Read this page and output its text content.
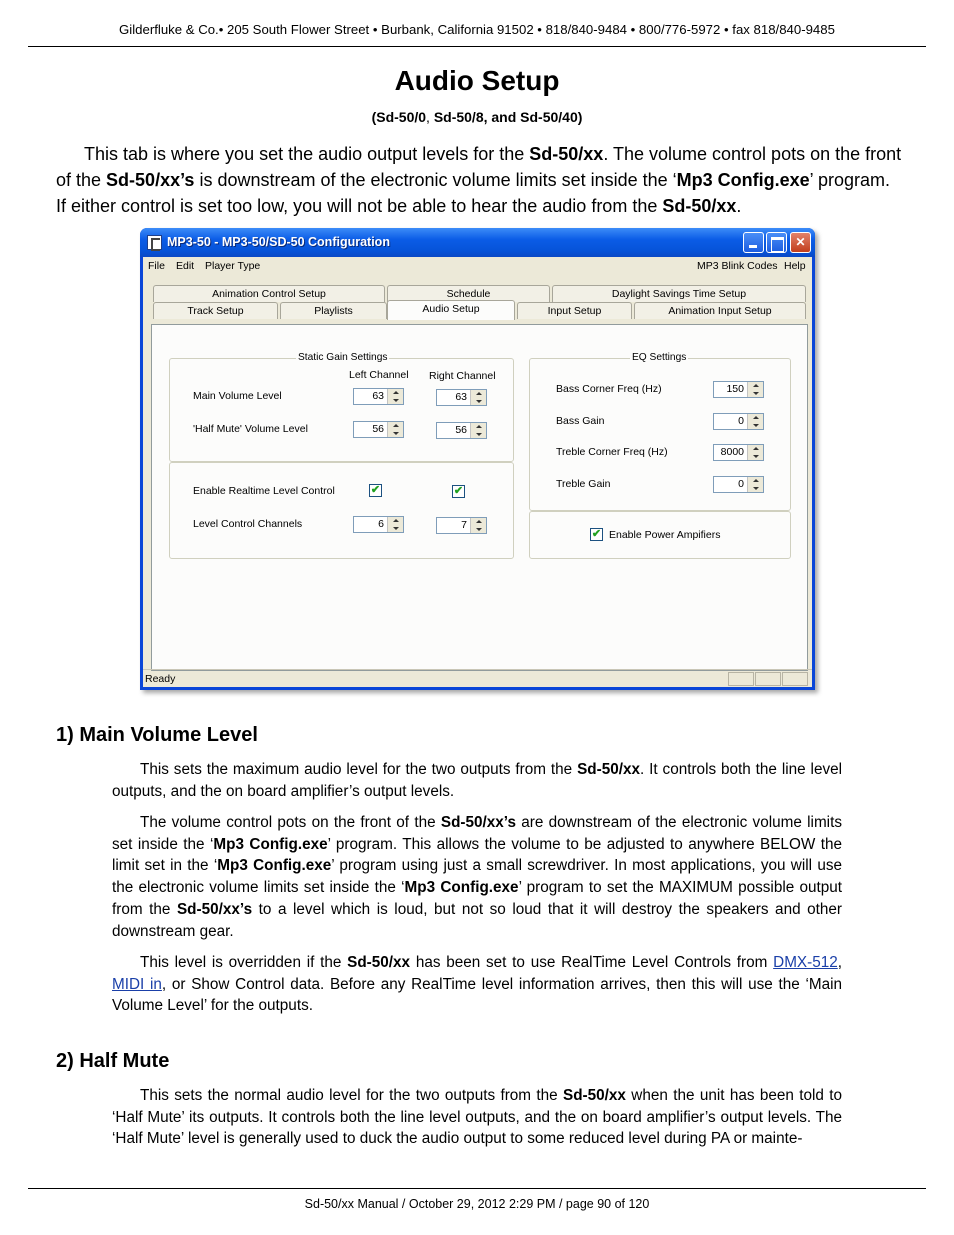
Gilderfluke & Co.• 205 South Flower Street • Burbank, California 91502 • 818/840-9484 • 800/776-5972 • fax 818/840-9485
Audio Setup
(Sd-50/0, Sd-50/8, and Sd-50/40)

This tab is where you set the audio output levels for the Sd-50/xx. The volume control pots on the front of the Sd-50/xx’s is downstream of the electronic volume limits set inside the ‘Mp3 Config.exe’ program. If either control is set too low, you will not be able to hear the audio from the Sd-50/xx.

MP3-50 - MP3-50/SD-50 Configuration	✕
File Edit Player Type	MP3 Blink Codes Help
Animation Control Setup	Schedule	Daylight Savings Time Setup
Track Setup	Playlists	Audio Setup	Input Setup	Animation Input Setup
Static Gain Settings
Left Channel Right Channel
Main Volume Level	63	63
'Half Mute' Volume Level	56	56
Enable Realtime Level Control	✔	✔
Level Control Channels	6	7
EQ Settings
Bass Corner Freq (Hz)	150
Bass Gain	0
Treble Corner Freq (Hz)	8000
Treble Gain	0
✔ Enable Power Ampifiers
Ready
1) Main Volume Level

This sets the maximum audio level for the two outputs from the Sd-50/xx. It controls both the line level outputs, and the on board amplifier’s output levels.

The volume control pots on the front of the Sd-50/xx’s are downstream of the electronic volume limits set inside the ‘Mp3 Config.exe’ program. This allows the volume to be adjusted to anywhere BELOW the limit set in the ‘Mp3 Config.exe’ program using just a small screwdriver. In most applications, you will use the electronic volume limits set inside the ‘Mp3 Config.exe’ program to set the MAXIMUM possible output from the Sd-50/xx’s to a level which is loud, but not so loud that it will destroy the speakers and other downstream gear.

This level is overridden if the Sd-50/xx has been set to use RealTime Level Controls from DMX-512, MIDI in, or Show Control data. Before any RealTime level information arrives, then this will use the ‘Main Volume Level’ for the outputs.

2) Half Mute

This sets the normal audio level for the two outputs from the Sd-50/xx when the unit has been told to ‘Half Mute’ its outputs. It controls both the line level outputs, and the on board amplifier’s output levels. The ‘Half Mute’ level is generally used to duck the audio output to some reduced level during PA or mainte-

Sd-50/xx Manual / October 29, 2012 2:29 PM / page 90 of 120
